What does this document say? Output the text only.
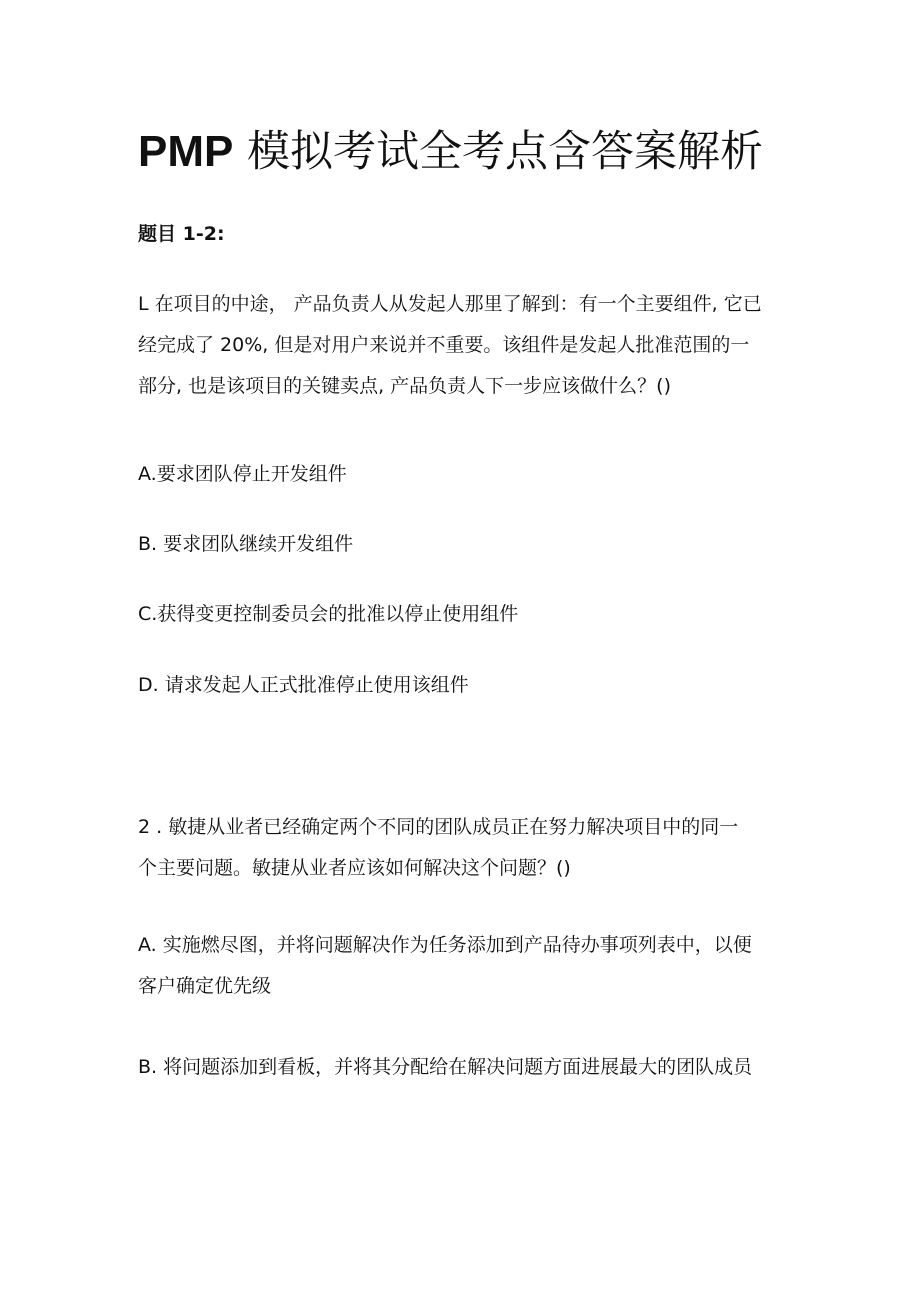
PMP 模拟考试全考点含答案解析

题目 1-2:

L 在项目的中途， 产品负责人从发起人那里了解到：有一个主要组件, 它已
经完成了 20%, 但是对用户来说并不重要。该组件是发起人批准范围的一
部分, 也是该项目的关键卖点, 产品负责人下一步应该做什么？()

A.要求团队停止开发组件

B. 要求团队继续开发组件

C.获得变更控制委员会的批准以停止使用组件

D. 请求发起人正式批准停止使用该组件

2 . 敏捷从业者已经确定两个不同的团队成员正在努力解决项目中的同一
个主要问题。敏捷从业者应该如何解决这个问题？()

A. 实施燃尽图，并将问题解决作为任务添加到产品待办事项列表中，以便
客户确定优先级

B. 将问题添加到看板，并将其分配给在解决问题方面进展最大的团队成员
